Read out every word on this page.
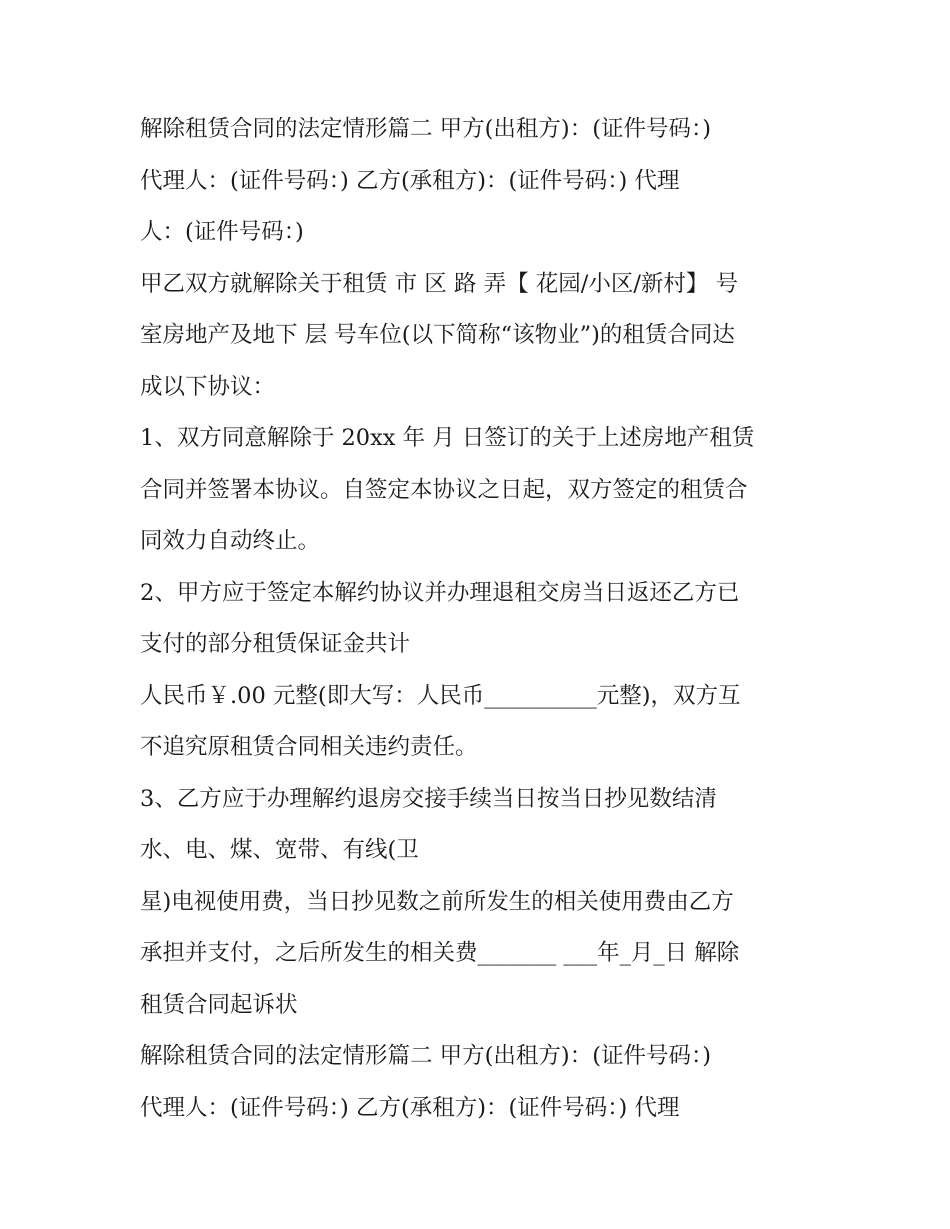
解除租赁合同的法定情形篇二 甲方(出租方)：(证件号码：)
代理人：(证件号码：) 乙方(承租方)：(证件号码：) 代理
人：(证件号码：)
甲乙双方就解除关于租赁 市 区 路 弄【 花园/小区/新村】 号
室房地产及地下 层 号车位(以下简称“该物业”)的租赁合同达
成以下协议：
1、双方同意解除于 20xx 年 月 日签订的关于上述房地产租赁
合同并签署本协议。自签定本协议之日起，双方签定的租赁合
同效力自动终止。
2、甲方应于签定本解约协议并办理退租交房当日返还乙方已
支付的部分租赁保证金共计
人民币￥.00 元整(即大写：人民币__________元整)，双方互
不追究原租赁合同相关违约责任。
3、乙方应于办理解约退房交接手续当日按当日抄见数结清
水、电、煤、宽带、有线(卫
星)电视使用费，当日抄见数之前所发生的相关使用费由乙方
承担并支付，之后所发生的相关费_______ ___年_月_日 解除
租赁合同起诉状
解除租赁合同的法定情形篇二 甲方(出租方)：(证件号码：)
代理人：(证件号码：) 乙方(承租方)：(证件号码：) 代理
